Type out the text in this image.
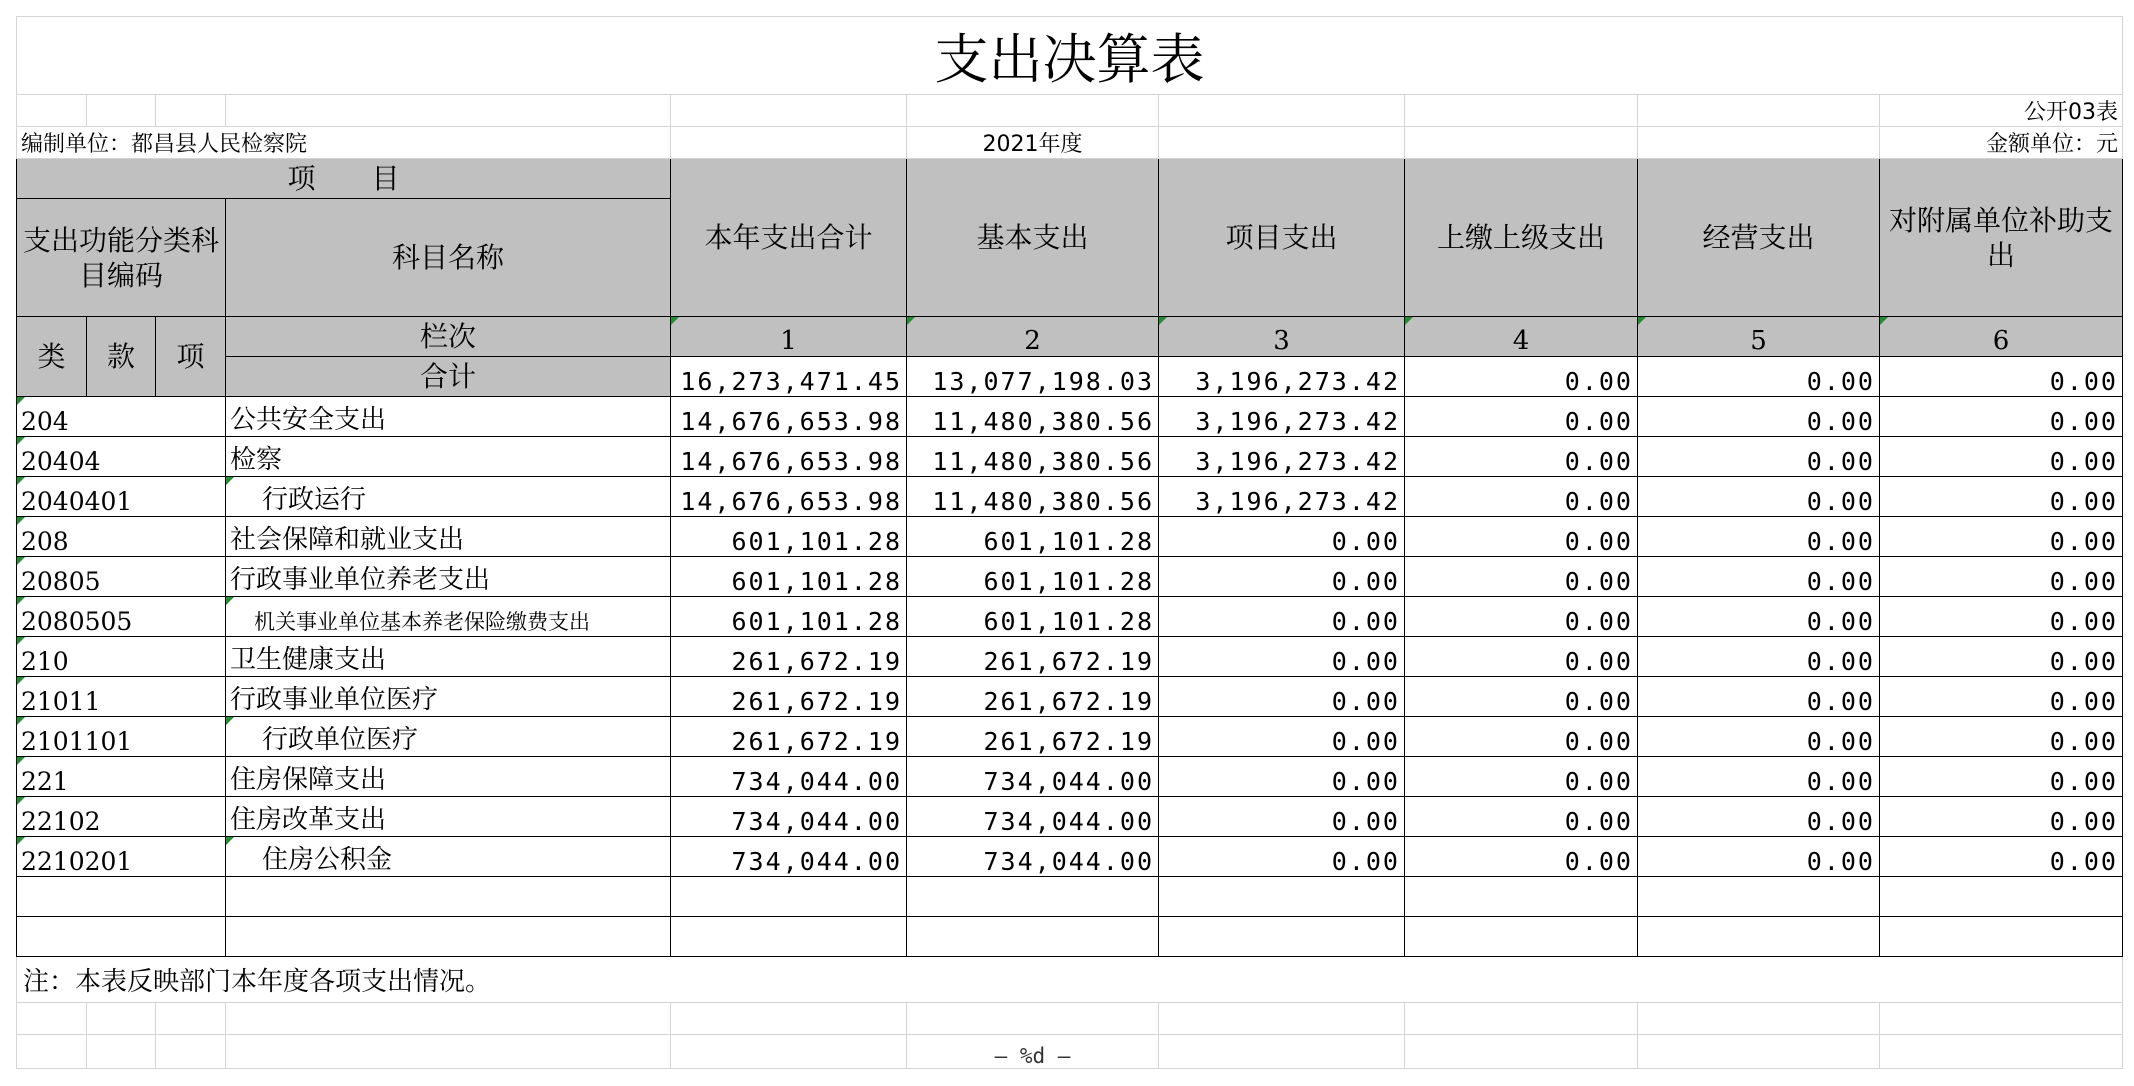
支出决算表									
									公开03表
编制单位：都昌县人民检察院					2021年度				金额单位：元
项　　目				本年支出合计	基本支出	项目支出	上缴上级支出	经营支出	对附属单位补助支出
支出功能分类科目编码			科目名称						

类	款	项	栏次	1	2	3	4	5	6
			合计	16,273,471.45	13,077,198.03	3,196,273.42	0.00	0.00	0.00
204			公共安全支出	14,676,653.98	11,480,380.56	3,196,273.42	0.00	0.00	0.00
20404			检察	14,676,653.98	11,480,380.56	3,196,273.42	0.00	0.00	0.00
2040401			行政运行	14,676,653.98	11,480,380.56	3,196,273.42	0.00	0.00	0.00
208			社会保障和就业支出	601,101.28	601,101.28	0.00	0.00	0.00	0.00
20805			行政事业单位养老支出	601,101.28	601,101.28	0.00	0.00	0.00	0.00
2080505			机关事业单位基本养老保险缴费支出	601,101.28	601,101.28	0.00	0.00	0.00	0.00
210			卫生健康支出	261,672.19	261,672.19	0.00	0.00	0.00	0.00
21011			行政事业单位医疗	261,672.19	261,672.19	0.00	0.00	0.00	0.00
2101101			行政单位医疗	261,672.19	261,672.19	0.00	0.00	0.00	0.00
221			住房保障支出	734,044.00	734,044.00	0.00	0.00	0.00	0.00
22102			住房改革支出	734,044.00	734,044.00	0.00	0.00	0.00	0.00
2210201			住房公积金	734,044.00	734,044.00	0.00	0.00	0.00	0.00

注：本表反映部门本年度各项支出情况。									

					— %d —				
